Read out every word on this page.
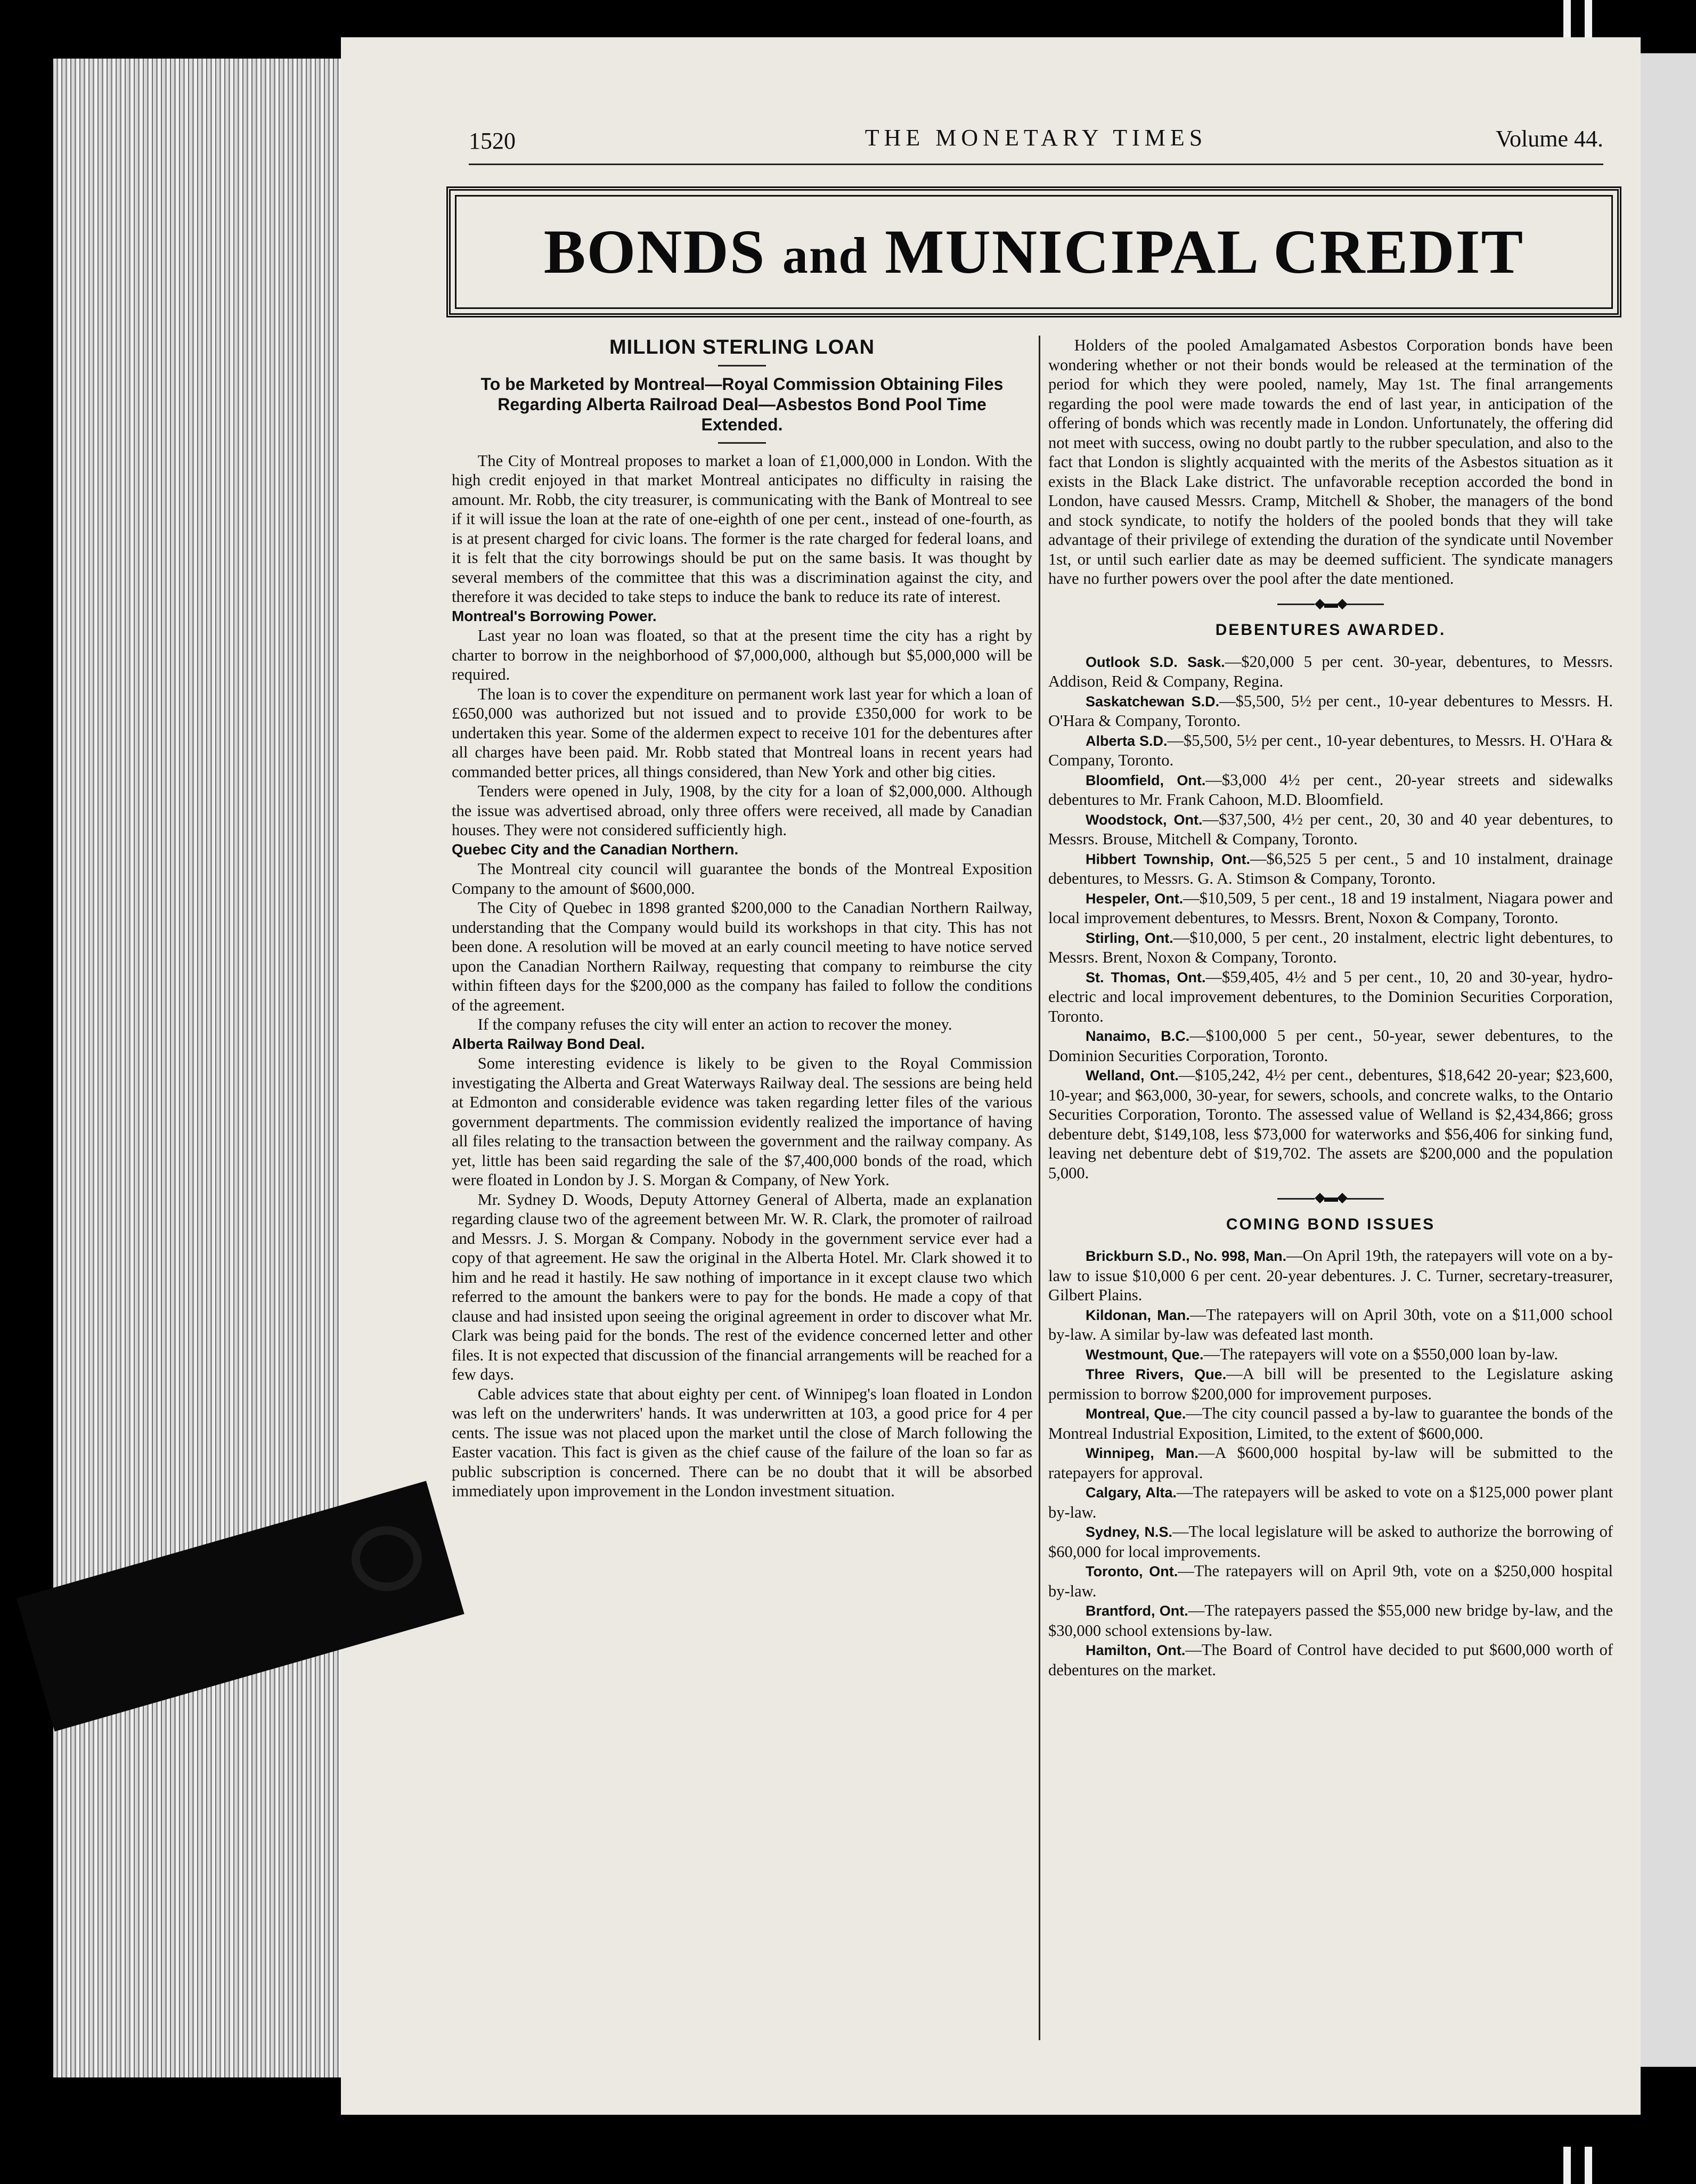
1520	THE MONETARY TIMES	Volume 44.
BONDS and MUNICIPAL CREDIT
MILLION STERLING LOAN
To be Marketed by Montreal—Royal Commission Obtaining Files Regarding Alberta Railroad Deal—Asbestos Bond Pool Time Extended.

The City of Montreal proposes to market a loan of £1,000,000 in London. With the high credit enjoyed in that market Montreal anticipates no difficulty in raising the amount. Mr. Robb, the city treasurer, is communicating with the Bank of Montreal to see if it will issue the loan at the rate of one-eighth of one per cent., instead of one-fourth, as is at present charged for civic loans. The former is the rate charged for federal loans, and it is felt that the city borrowings should be put on the same basis. It was thought by several members of the committee that this was a discrimination against the city, and therefore it was decided to take steps to induce the bank to reduce its rate of interest.

Montreal's Borrowing Power.

Last year no loan was floated, so that at the present time the city has a right by charter to borrow in the neighborhood of $7,000,000, although but $5,000,000 will be required.

The loan is to cover the expenditure on permanent work last year for which a loan of £650,000 was authorized but not issued and to provide £350,000 for work to be undertaken this year. Some of the aldermen expect to receive 101 for the debentures after all charges have been paid. Mr. Robb stated that Montreal loans in recent years had commanded better prices, all things considered, than New York and other big cities.

Tenders were opened in July, 1908, by the city for a loan of $2,000,000. Although the issue was advertised abroad, only three offers were received, all made by Canadian houses. They were not considered sufficiently high.

Quebec City and the Canadian Northern.

The Montreal city council will guarantee the bonds of the Montreal Exposition Company to the amount of $600,000.

The City of Quebec in 1898 granted $200,000 to the Canadian Northern Railway, understanding that the Company would build its workshops in that city. This has not been done. A resolution will be moved at an early council meeting to have notice served upon the Canadian Northern Railway, requesting that company to reimburse the city within fifteen days for the $200,000 as the company has failed to follow the conditions of the agreement.

If the company refuses the city will enter an action to recover the money.

Alberta Railway Bond Deal.

Some interesting evidence is likely to be given to the Royal Commission investigating the Alberta and Great Waterways Railway deal. The sessions are being held at Edmonton and considerable evidence was taken regarding letter files of the various government departments. The commission evidently realized the importance of having all files relating to the transaction between the government and the railway company. As yet, little has been said regarding the sale of the $7,400,000 bonds of the road, which were floated in London by J. S. Morgan & Company, of New York.

Mr. Sydney D. Woods, Deputy Attorney General of Alberta, made an explanation regarding clause two of the agreement between Mr. W. R. Clark, the promoter of railroad and Messrs. J. S. Morgan & Company. Nobody in the government service ever had a copy of that agreement. He saw the original in the Alberta Hotel. Mr. Clark showed it to him and he read it hastily. He saw nothing of importance in it except clause two which referred to the amount the bankers were to pay for the bonds. He made a copy of that clause and had insisted upon seeing the original agreement in order to discover what Mr. Clark was being paid for the bonds. The rest of the evidence concerned letter and other files. It is not expected that discussion of the financial arrangements will be reached for a few days.

Cable advices state that about eighty per cent. of Winnipeg's loan floated in London was left on the underwriters' hands. It was underwritten at 103, a good price for 4 per cents. The issue was not placed upon the market until the close of March following the Easter vacation. This fact is given as the chief cause of the failure of the loan so far as public subscription is concerned. There can be no doubt that it will be absorbed immediately upon improvement in the London investment situation.

Holders of the pooled Amalgamated Asbestos Corporation bonds have been wondering whether or not their bonds would be released at the termination of the period for which they were pooled, namely, May 1st. The final arrangements regarding the pool were made towards the end of last year, in anticipation of the offering of bonds which was recently made in London. Unfortunately, the offering did not meet with success, owing no doubt partly to the rubber speculation, and also to the fact that London is slightly acquainted with the merits of the Asbestos situation as it exists in the Black Lake district. The unfavorable reception accorded the bond in London, have caused Messrs. Cramp, Mitchell & Shober, the managers of the bond and stock syndicate, to notify the holders of the pooled bonds that they will take advantage of their privilege of extending the duration of the syndicate until November 1st, or until such earlier date as may be deemed sufficient. The syndicate managers have no further powers over the pool after the date mentioned.

◆▬◆
DEBENTURES AWARDED.

Outlook S.D. Sask.—$20,000 5 per cent. 30-year, debentures, to Messrs. Addison, Reid & Company, Regina.

Saskatchewan S.D.—$5,500, 5½ per cent., 10-year debentures to Messrs. H. O'Hara & Company, Toronto.

Alberta S.D.—$5,500, 5½ per cent., 10-year debentures, to Messrs. H. O'Hara & Company, Toronto.

Bloomfield, Ont.—$3,000 4½ per cent., 20-year streets and sidewalks debentures to Mr. Frank Cahoon, M.D. Bloomfield.

Woodstock, Ont.—$37,500, 4½ per cent., 20, 30 and 40 year debentures, to Messrs. Brouse, Mitchell & Company, Toronto.

Hibbert Township, Ont.—$6,525 5 per cent., 5 and 10 instalment, drainage debentures, to Messrs. G. A. Stimson & Company, Toronto.

Hespeler, Ont.—$10,509, 5 per cent., 18 and 19 instalment, Niagara power and local improvement debentures, to Messrs. Brent, Noxon & Company, Toronto.

Stirling, Ont.—$10,000, 5 per cent., 20 instalment, electric light debentures, to Messrs. Brent, Noxon & Company, Toronto.

St. Thomas, Ont.—$59,405, 4½ and 5 per cent., 10, 20 and 30-year, hydro-electric and local improvement debentures, to the Dominion Securities Corporation, Toronto.

Nanaimo, B.C.—$100,000 5 per cent., 50-year, sewer debentures, to the Dominion Securities Corporation, Toronto.

Welland, Ont.—$105,242, 4½ per cent., debentures, $18,642 20-year; $23,600, 10-year; and $63,000, 30-year, for sewers, schools, and concrete walks, to the Ontario Securities Corporation, Toronto. The assessed value of Welland is $2,434,866; gross debenture debt, $149,108, less $73,000 for waterworks and $56,406 for sinking fund, leaving net debenture debt of $19,702. The assets are $200,000 and the population 5,000.

◆▬◆
COMING BOND ISSUES

Brickburn S.D., No. 998, Man.—On April 19th, the ratepayers will vote on a by-law to issue $10,000 6 per cent. 20-year debentures. J. C. Turner, secretary-treasurer, Gilbert Plains.

Kildonan, Man.—The ratepayers will on April 30th, vote on a $11,000 school by-law. A similar by-law was defeated last month.

Westmount, Que.—The ratepayers will vote on a $550,000 loan by-law.

Three Rivers, Que.—A bill will be presented to the Legislature asking permission to borrow $200,000 for improvement purposes.

Montreal, Que.—The city council passed a by-law to guarantee the bonds of the Montreal Industrial Exposition, Limited, to the extent of $600,000.

Winnipeg, Man.—A $600,000 hospital by-law will be submitted to the ratepayers for approval.

Calgary, Alta.—The ratepayers will be asked to vote on a $125,000 power plant by-law.

Sydney, N.S.—The local legislature will be asked to authorize the borrowing of $60,000 for local improvements.

Toronto, Ont.—The ratepayers will on April 9th, vote on a $250,000 hospital by-law.

Brantford, Ont.—The ratepayers passed the $55,000 new bridge by-law, and the $30,000 school extensions by-law.

Hamilton, Ont.—The Board of Control have decided to put $600,000 worth of debentures on the market.
